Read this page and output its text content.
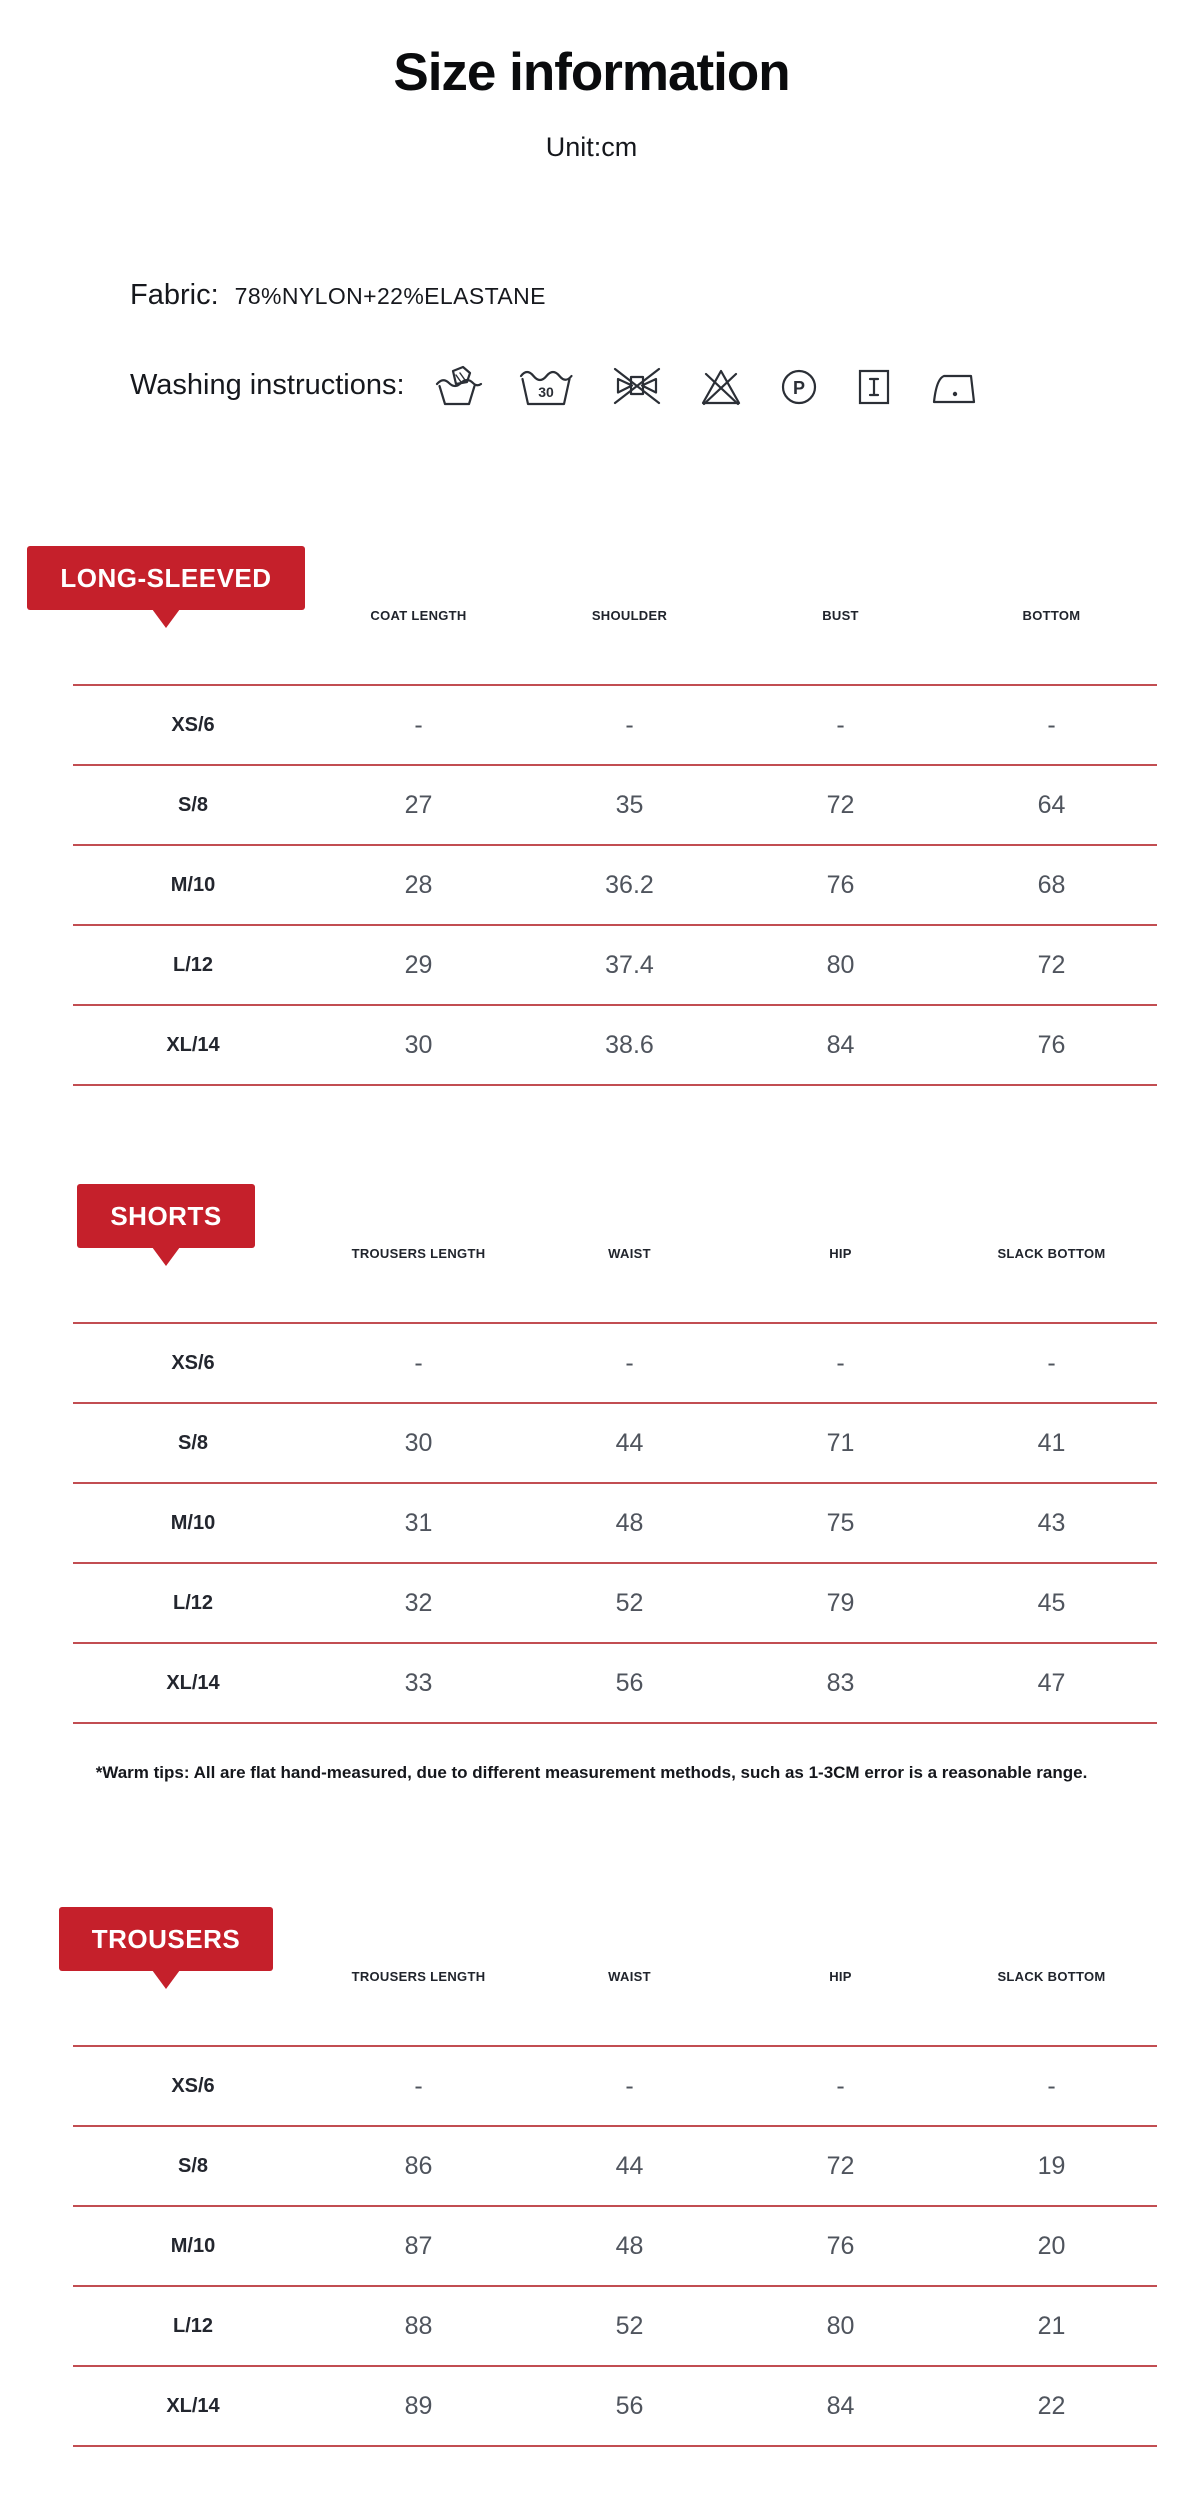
Size information

Unit:cm

Fabric: 78%NYLON+22%ELASTANE
Washing instructions:	30	P
LONG-SLEEVED
COAT LENGTH	SHOULDER	BUST	BOTTOM
XS/6	-	-	-	-
S/8	27	35	72	64
M/10	28	36.2	76	68
L/12	29	37.4	80	72
XL/14	30	38.6	84	76
SHORTS
TROUSERS LENGTH	WAIST	HIP	SLACK BOTTOM
XS/6	-	-	-	-
S/8	30	44	71	41
M/10	31	48	75	43
L/12	32	52	79	45
XL/14	33	56	83	47

*Warm tips: All are flat hand-measured, due to different measurement methods, such as 1-3CM error is a reasonable range.

TROUSERS
TROUSERS LENGTH	WAIST	HIP	SLACK BOTTOM
XS/6	-	-	-	-
S/8	86	44	72	19
M/10	87	48	76	20
L/12	88	52	80	21
XL/14	89	56	84	22
